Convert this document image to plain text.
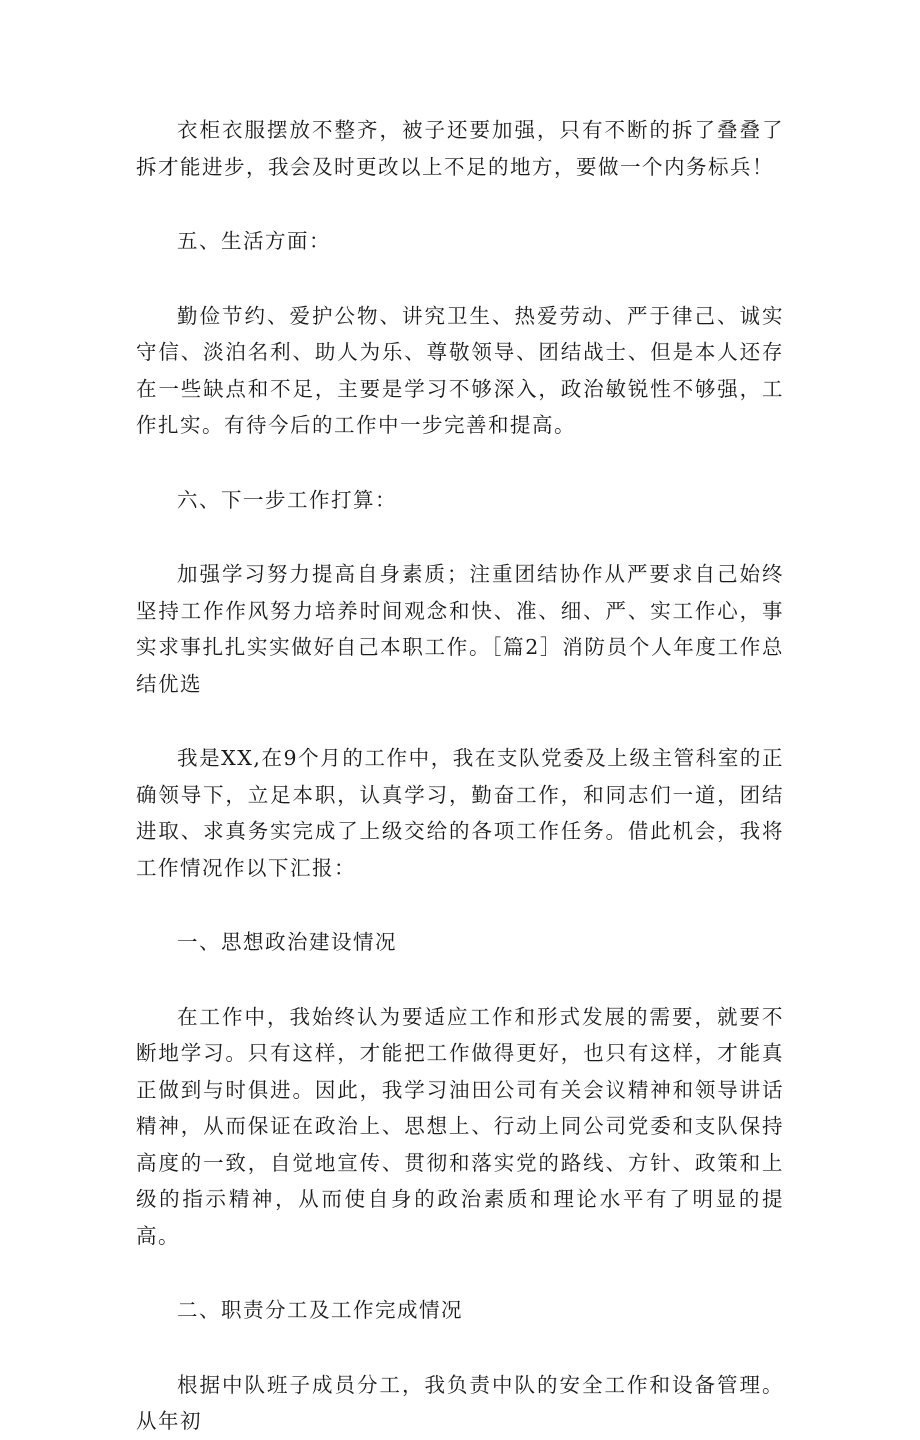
衣柜衣服摆放不整齐，被子还要加强，只有不断的拆了叠叠了拆才能进步，我会及时更改以上不足的地方，要做一个内务标兵！

五、生活方面：

勤俭节约、爱护公物、讲究卫生、热爱劳动、严于律己、诚实守信、淡泊名利、助人为乐、尊敬领导、团结战士、但是本人还存在一些缺点和不足，主要是学习不够深入，政治敏锐性不够强，工作扎实。有待今后的工作中一步完善和提高。

六、下一步工作打算：

加强学习努力提高自身素质；注重团结协作从严要求自己始终坚持工作作风努力培养时间观念和快、准、细、严、实工作心，事实求事扎扎实实做好自己本职工作。［篇2］消防员个人年度工作总结优选

我是XX,在9个月的工作中，我在支队党委及上级主管科室的正确领导下，立足本职，认真学习，勤奋工作，和同志们一道，团结进取、求真务实完成了上级交给的各项工作任务。借此机会，我将工作情况作以下汇报：

一、思想政治建设情况

在工作中，我始终认为要适应工作和形式发展的需要，就要不断地学习。只有这样，才能把工作做得更好，也只有这样，才能真正做到与时俱进。因此，我学习油田公司有关会议精神和领导讲话精神，从而保证在政治上、思想上、行动上同公司党委和支队保持高度的一致，自觉地宣传、贯彻和落实党的路线、方针、政策和上级的指示精神，从而使自身的政治素质和理论水平有了明显的提高。

二、职责分工及工作完成情况

根据中队班子成员分工，我负责中队的安全工作和设备管理。从年初
